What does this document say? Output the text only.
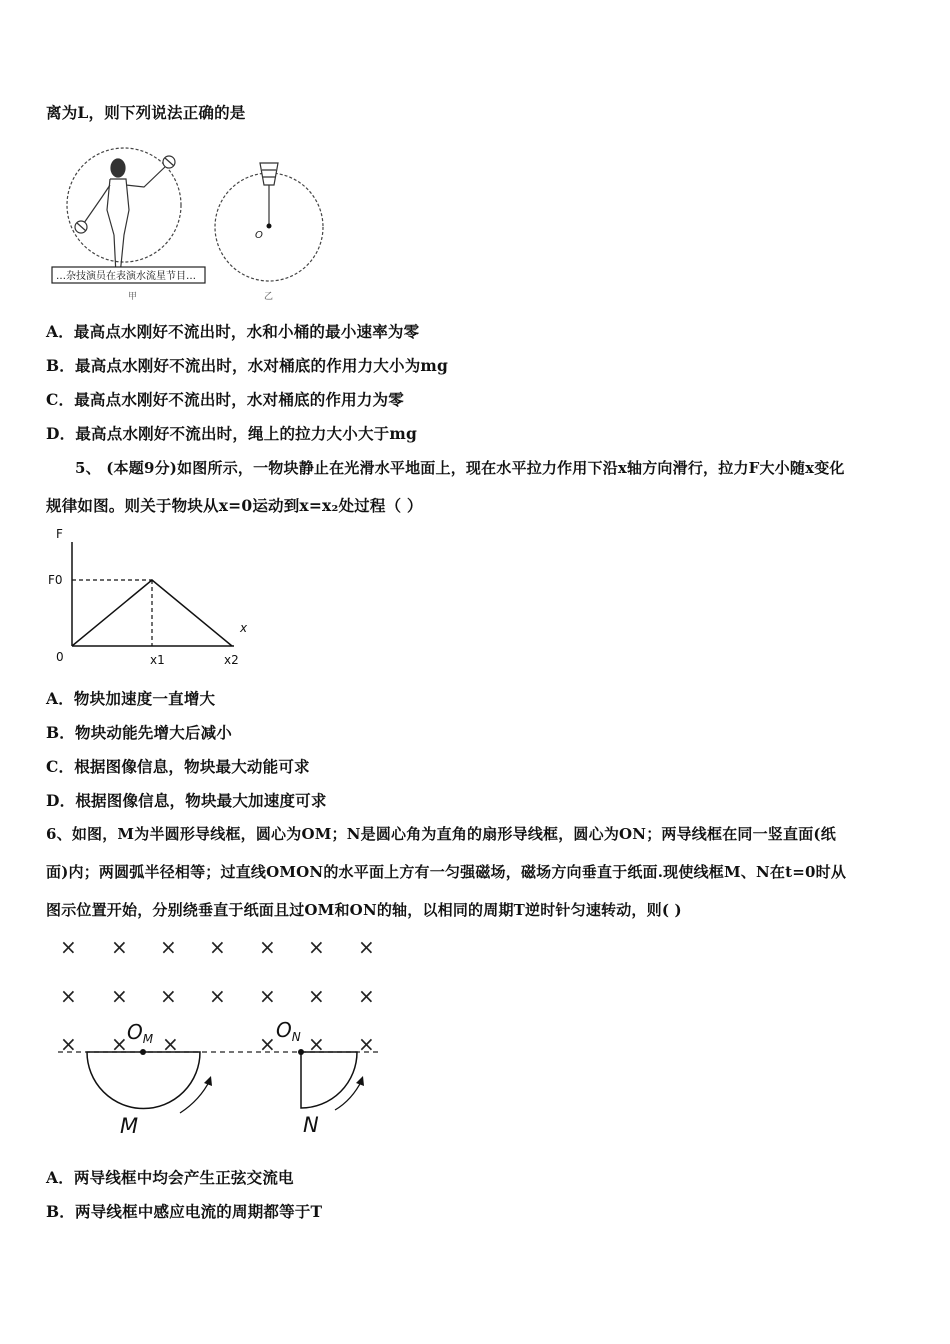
离为L，则下列说法正确的是
…杂技演员在表演水流星节目…
甲
O
乙
A．最高点水刚好不流出时，水和小桶的最小速率为零
B．最高点水刚好不流出时，水对桶底的作用力大小为mg
C．最高点水刚好不流出时，水对桶底的作用力为零
D．最高点水刚好不流出时，绳上的拉力大小大于mg
5、 (本题9分)如图所示，一物块静止在光滑水平地面上，现在水平拉力作用下沿x轴方向滑行，拉力F大小随x变化
规律如图。则关于物块从x=0运动到x=x₂处过程（ ）
F
x
0
F0
x1	x2
A．物块加速度一直增大
B．物块动能先增大后减小
C．根据图像信息，物块最大动能可求
D．根据图像信息，物块最大加速度可求
6、如图，M为半圆形导线框，圆心为OM；N是圆心角为直角的扇形导线框，圆心为ON；两导线框在同一竖直面(纸
面)内；两圆弧半径相等；过直线OMON的水平面上方有一匀强磁场，磁场方向垂直于纸面.现使线框M、N在t=0时从
图示位置开始，分别绕垂直于纸面且过OM和ON的轴，以相同的周期T逆时针匀速转动，则( )
× × × × × × ×
× × × × × × ×
× × ×	× × ×
$O_M$
M
$O_N$
N
A．两导线框中均会产生正弦交流电
B．两导线框中感应电流的周期都等于T
